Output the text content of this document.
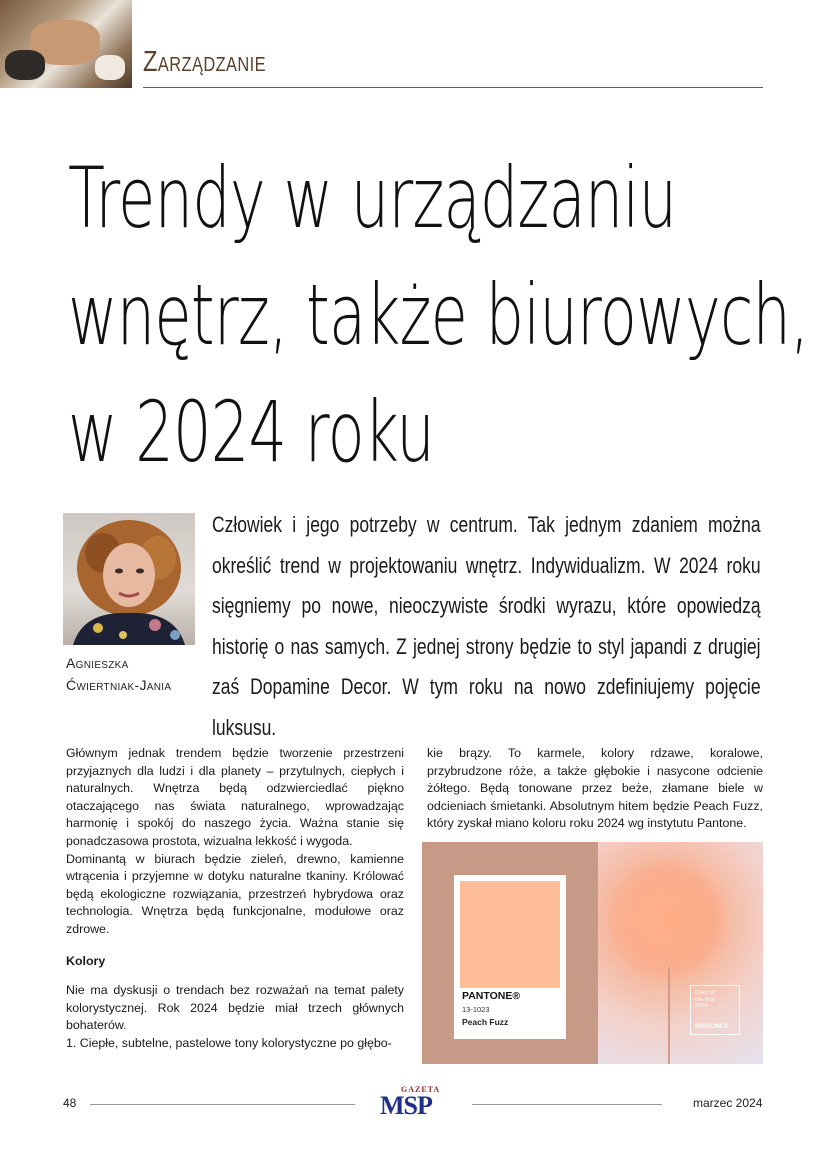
Zarządzanie
Trendy w urządzaniu
wnętrz, także biurowych,
w 2024 roku
Agnieszka
Ćwiertniak-Jania
Człowiek i jego potrzeby w centrum. Tak jednym zdaniem można określić trend w projektowaniu wnętrz. Indywidualizm. W 2024 roku sięgniemy po nowe, nieoczywiste środki wyrazu, które opowiedzą historię o nas samych. Z jednej strony będzie to styl japandi z drugiej zaś Dopamine Decor. W tym roku na nowo zdefiniujemy pojęcie luksusu.

Głównym jednak trendem będzie tworzenie przestrzeni przyjaznych dla ludzi i dla planety – przytulnych, ciepłych i naturalnych. Wnętrza będą odzwierciedlać piękno otaczającego nas świata naturalnego, wprowadzając harmonię i spokój do naszego życia. Ważna stanie się ponadczasowa prostota, wizualna lekkość i wygoda.

Dominantą w biurach będzie zieleń, drewno, kamienne wtrącenia i przyjemne w dotyku naturalne tkaniny. Królować będą ekologiczne rozwiązania, przestrzeń hybrydowa oraz technologia. Wnętrza będą funkcjonalne, modułowe oraz zdrowe.

Kolory

Nie ma dyskusji o trendach bez rozważań na temat palety kolorystycznej. Rok 2024 będzie miał trzech głównych bohaterów.

1. Ciepłe, subtelne, pastelowe tony kolorystyczne po głębo-

kie brązy. To karmele, kolory rdzawe, koralowe, przybrudzone róże, a także głębokie i nasycone odcienie żółtego. Będą tonowane przez beże, złamane biele w odcieniach śmietanki. Absolutnym hitem będzie Peach Fuzz, który zyskał miano koloru roku 2024 wg instytutu Pantone.

PANTONE®
13-1023
Peach Fuzz
Color of
the Year
2024
PANTONE®
48
GAZETA
MSP	marzec 2024
